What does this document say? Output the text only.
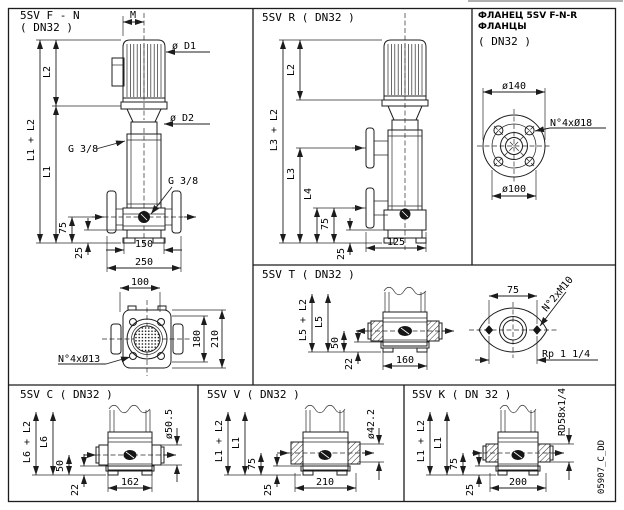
5SV F - N
( DN32 )
M
ø D1
ø D2
G 3/8
G 3/8
L1 + L2
L2
L1
75
25
150
250
100
180 210
N°4xØ13
5SV R ( DN32 )
L3 + L2
L2
L3
L4
75
25
125
ФЛАНЕЦ 5SV F-N-R
ФЛАНЦЫ
( DN32 )
ø140
N°4xØ18
ø100
5SV T ( DN32 )
L5 + L2 L5
50
22	160
75 N°2xM10
Rp 1 1/4
5SV C ( DN32 )
L6 + L2 L6
50
22
162
ø50.5
5SV V ( DN32 )
L1 + L2 L1
75
25
210
ø42.2
5SV K ( DN 32 )
L1 + L2 L1
75
25
200
RD58x1/4
05907_C_DD
